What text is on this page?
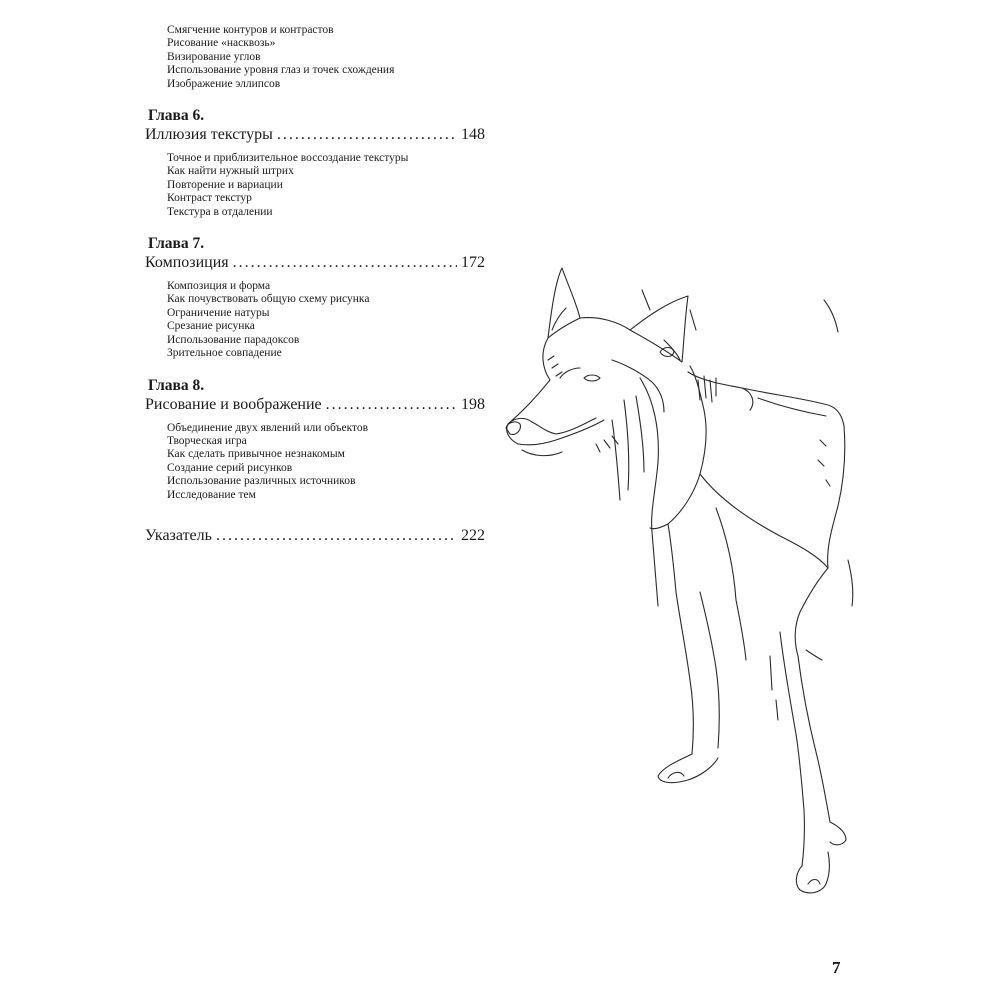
Смягчение контуров и контрастов
Рисование «насквозь»
Визирование углов
Использование уровня глаз и точек схождения
Изображение эллипсов
Глава 6.
Иллюзия текстуры . . .	148
Точное и приблизительное воссоздание текстуры
Как найти нужный штрих
Повторение и вариации
Контраст текстур
Текстура в отдалении
Глава 7.
Композиция . . .	172
Композиция и форма
Как почувствовать общую схему рисунка
Ограничение натуры
Срезание рисунка
Использование парадоксов
Зрительное совпадение
Глава 8.
Рисование и воображение . . .	198
Объединение двух явлений или объектов
Творческая игра
Как сделать привычное незнакомым
Создание серий рисунков
Использование различных источников
Исследование тем
Указатель . . .	222
7
